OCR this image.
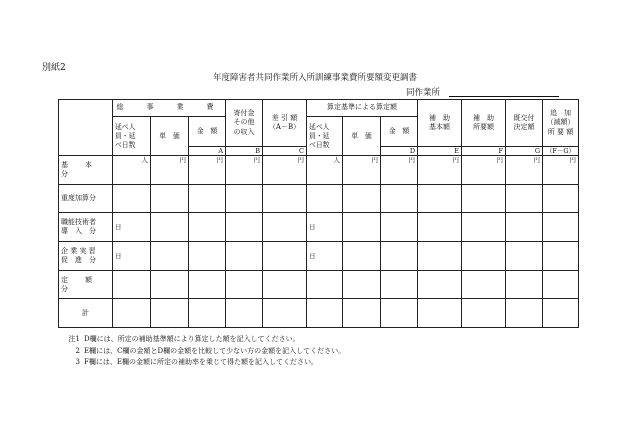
別紙2
年度障害者共同作業所入所訓練事業費所要額変更調書
同作業所
	総　事　業　費			寄付金
その他
の収入	差 引 額
（A－B）	算定基準による算定額			補　助
基本額	補　助
所要額	既交付
決定額	追　加
（減額）
所 要 額
	延べ人
員・延
べ日数	単　価	金　額			延べ人
員・延
べ日数	単　価	金　額				
			A	B	C			D	E	F	G	（F－G）
基　本　分	人	円	円	円	円	人	円	円	円	円	円	円
重度加算分												
職能技術者
導　入　分	日					日						
企 業 実 習
促　進　分	日					日						
定　額　分												
計												
注1 D欄には、所定の補助基準額により算定した額を記入してください。
2 E欄には、C欄の金額とD欄の金額を比較して少ない方の金額を記入してください。
3 F欄には、E欄の金額に所定の補助率を乗じて得た額を記入してください。
